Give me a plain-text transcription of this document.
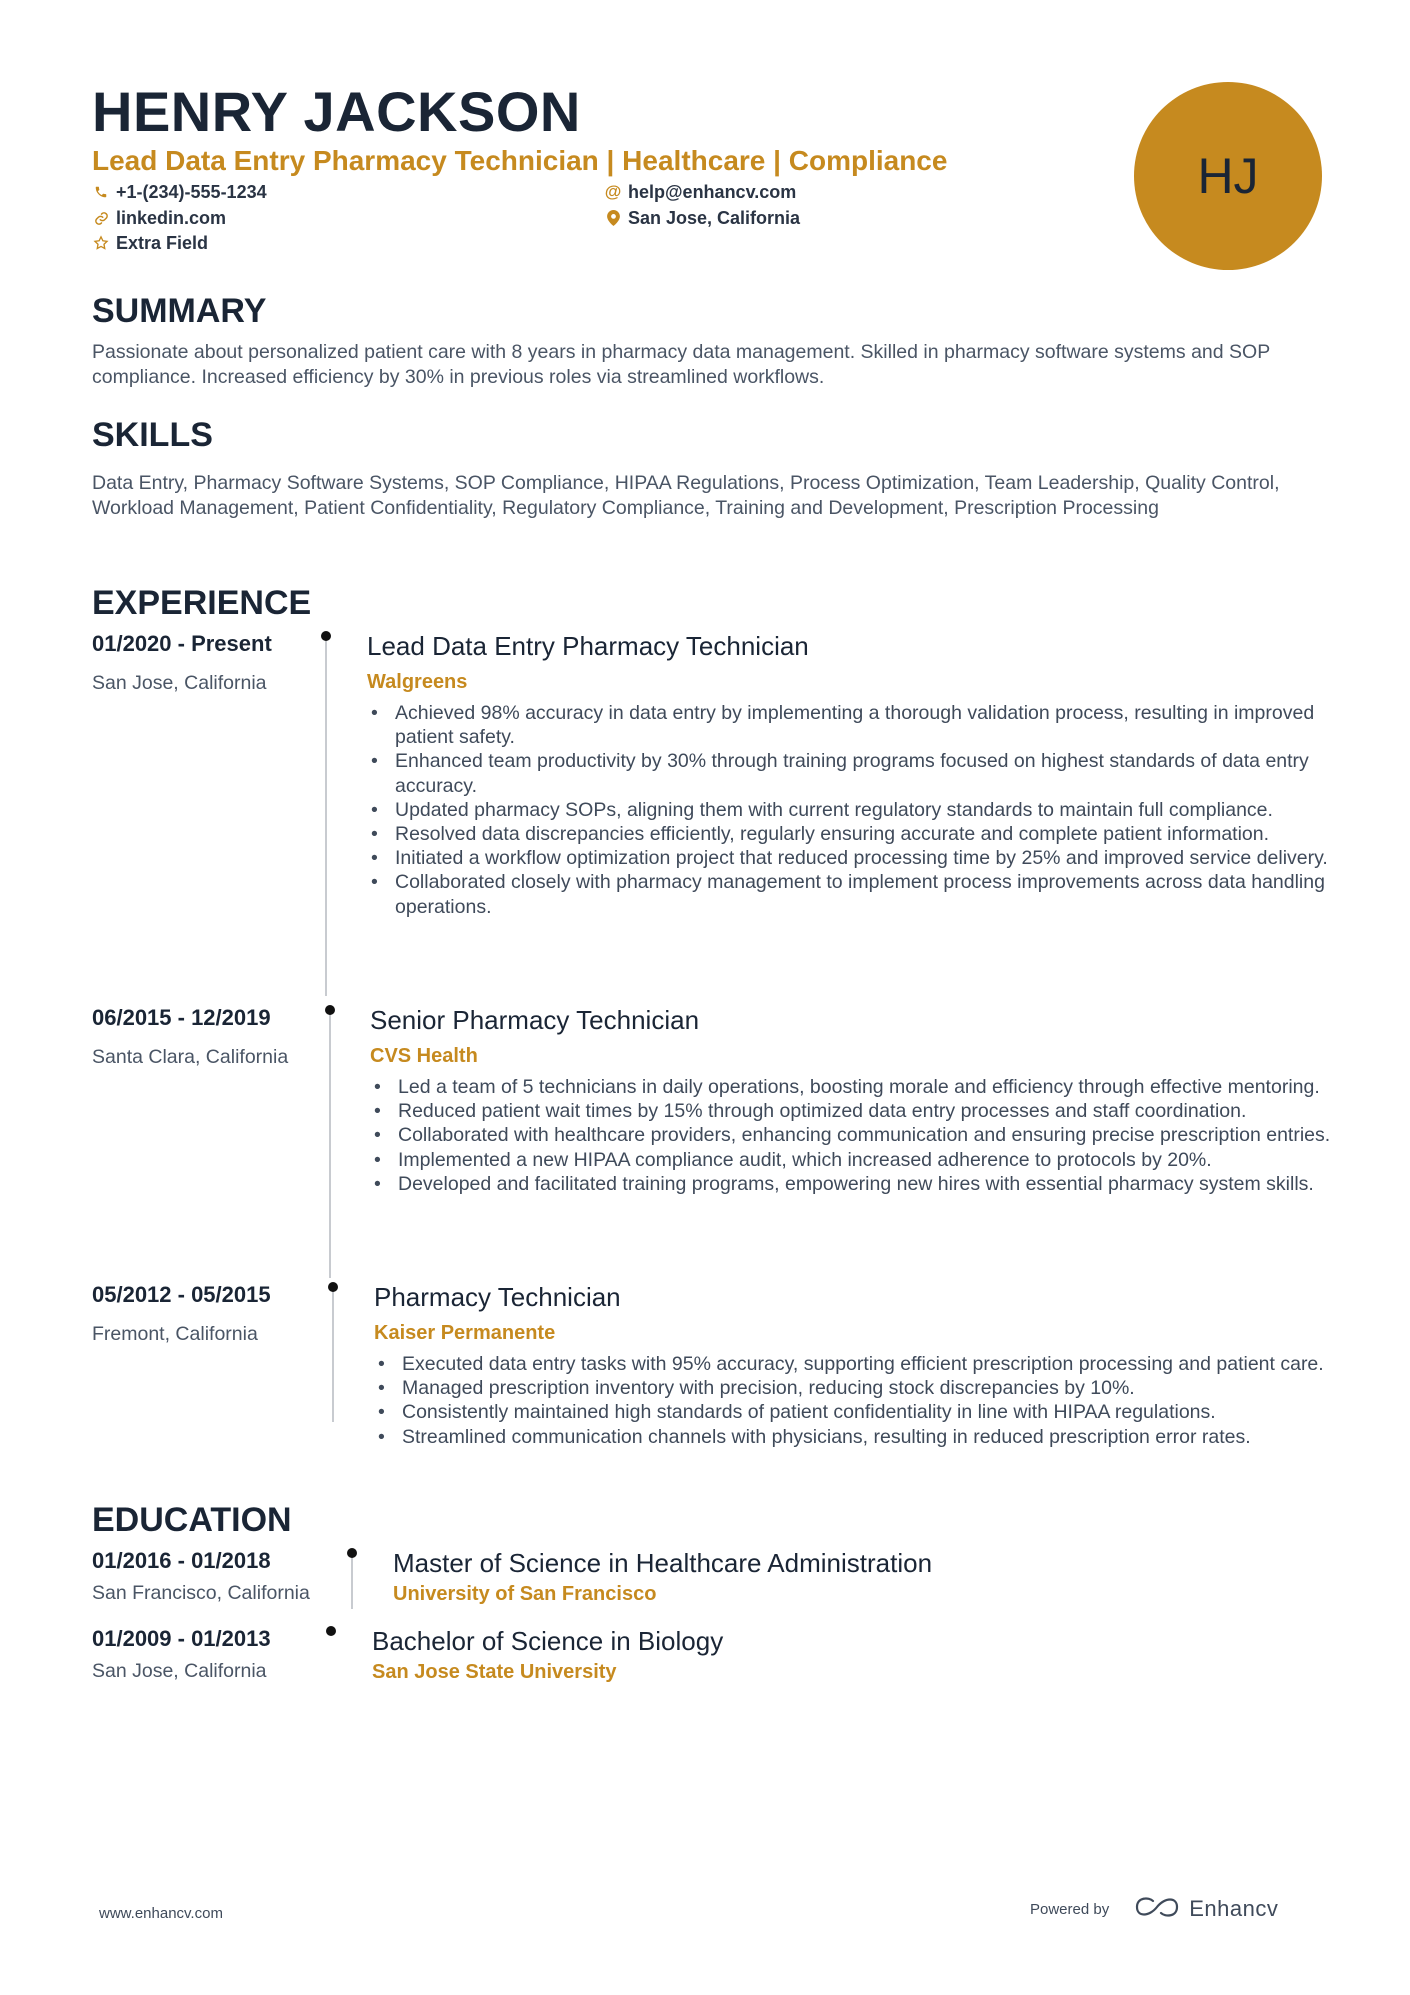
HENRY JACKSON
Lead Data Entry Pharmacy Technician | Healthcare | Compliance
+1-(234)-555-1234
linkedin.com
Extra Field
@ help@enhancv.com
San Jose, California
HJ
SUMMARY

Passionate about personalized patient care with 8 years in pharmacy data management. Skilled in pharmacy software systems and SOP compliance. Increased efficiency by 30% in previous roles via streamlined workflows.

SKILLS

Data Entry, Pharmacy Software Systems, SOP Compliance, HIPAA Regulations, Process Optimization, Team Leadership, Quality Control, Workload Management, Patient Confidentiality, Regulatory Compliance, Training and Development, Prescription Processing

EXPERIENCE
01/2020 - Present
San Jose, California
Lead Data Entry Pharmacy Technician
Walgreens
• Achieved 98% accuracy in data entry by implementing a thorough validation process, resulting in improved patient safety.
• Enhanced team productivity by 30% through training programs focused on highest standards of data entry accuracy.
• Updated pharmacy SOPs, aligning them with current regulatory standards to maintain full compliance.
• Resolved data discrepancies efficiently, regularly ensuring accurate and complete patient information.
• Initiated a workflow optimization project that reduced processing time by 25% and improved service delivery.
• Collaborated closely with pharmacy management to implement process improvements across data handling operations.
06/2015 - 12/2019
Santa Clara, California
Senior Pharmacy Technician
CVS Health
• Led a team of 5 technicians in daily operations, boosting morale and efficiency through effective mentoring.
• Reduced patient wait times by 15% through optimized data entry processes and staff coordination.
• Collaborated with healthcare providers, enhancing communication and ensuring precise prescription entries.
• Implemented a new HIPAA compliance audit, which increased adherence to protocols by 20%.
• Developed and facilitated training programs, empowering new hires with essential pharmacy system skills.
05/2012 - 05/2015
Fremont, California
Pharmacy Technician
Kaiser Permanente
• Executed data entry tasks with 95% accuracy, supporting efficient prescription processing and patient care.
• Managed prescription inventory with precision, reducing stock discrepancies by 10%.
• Consistently maintained high standards of patient confidentiality in line with HIPAA regulations.
• Streamlined communication channels with physicians, resulting in reduced prescription error rates.
EDUCATION
01/2016 - 01/2018
San Francisco, California
Master of Science in Healthcare Administration
University of San Francisco
01/2009 - 01/2013
San Jose, California
Bachelor of Science in Biology
San Jose State University
www.enhancv.com	Powered by	Enhancv
